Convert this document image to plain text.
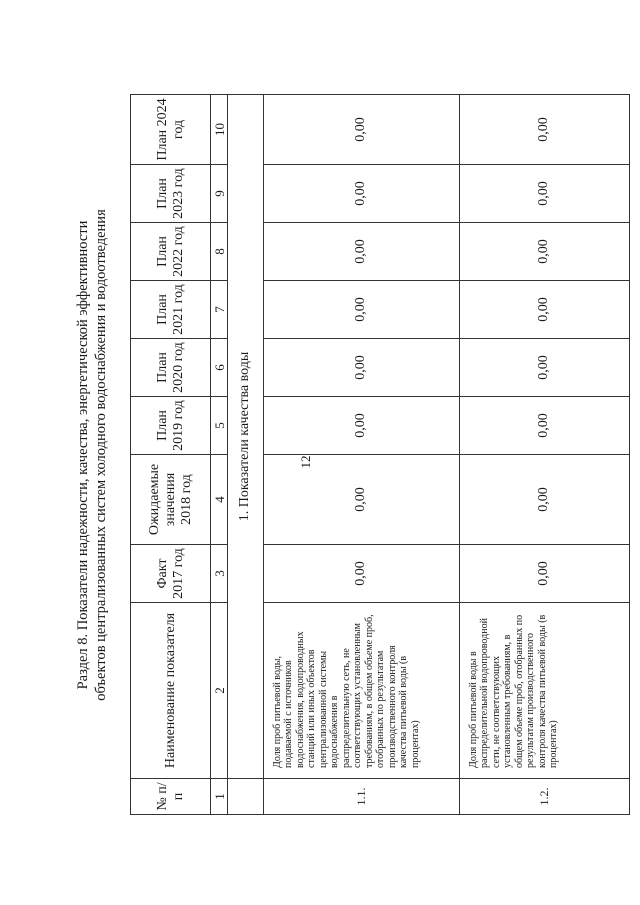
12
Раздел 8. Показатели надежности, качества, энергетической эффективности объектов централизованных систем холодного водоснабжения и водоотведения
№ п/п	Наименование показателя	Факт 2017 год	Ожидаемые значения 2018 год	План 2019 год	План 2020 год	План 2021 год	План 2022 год	План 2023 год	План 2024 год
1	2	3	4	5	6	7	8	9	10
	1. Показатели качества воды								
1.1.	Доля проб питьевой воды, подаваемой с источников водоснабжения, водопроводных станций или иных объектов централизованной системы водоснабжения в распределительную сеть, не соответствующих установленным требованиям, в общем объеме проб, отобранных по результатам производственного контроля качества питьевой воды (в процентах)	0,00	0,00	0,00	0,00	0,00	0,00	0,00	0,00
1.2.	Доля проб питьевой воды в распределительной водопроводной сети, не соответствующих установленным требованиям, в общем объеме проб, отобранных по результатам производственного контроля качества питьевой воды (в процентах)	0,00	0,00	0,00	0,00	0,00	0,00	0,00	0,00
